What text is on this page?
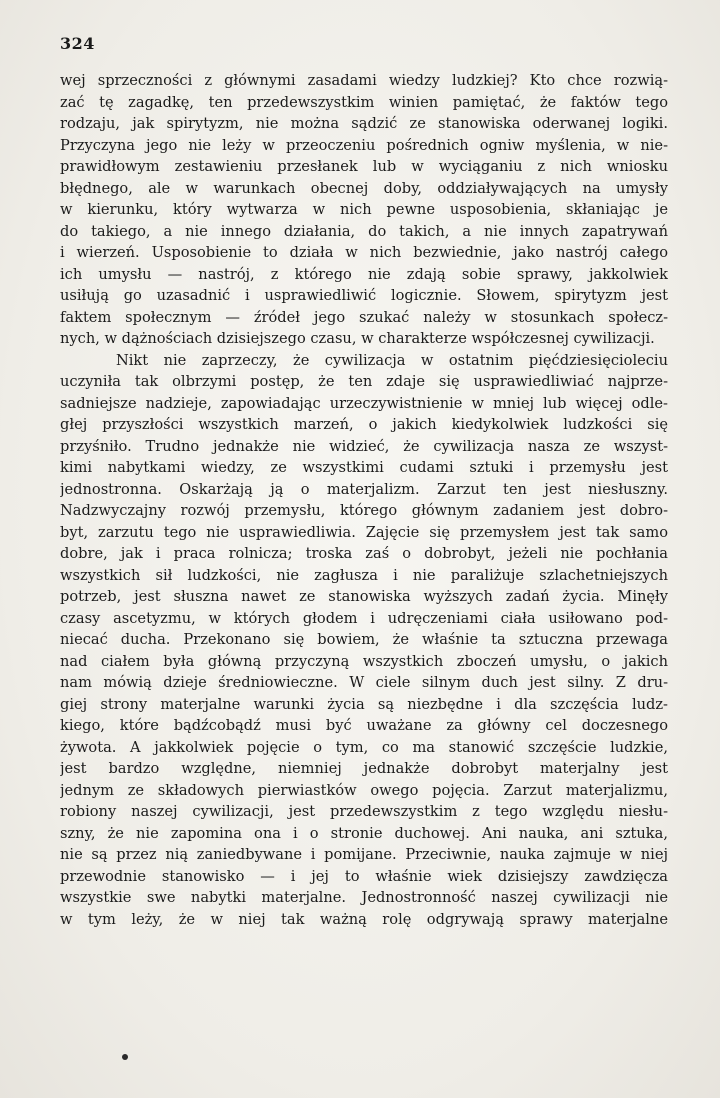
324
wej sprzeczności z głównymi zasadami wiedzy ludzkiej? Kto chce rozwią-
zać tę zagadkę, ten przedewszystkim winien pamiętać, że faktów tego
rodzaju, jak spirytyzm, nie można sądzić ze stanowiska oderwanej logiki.
Przyczyna jego nie leży w przeoczeniu pośrednich ogniw myślenia, w nie-
prawidłowym zestawieniu przesłanek lub w wyciąganiu z nich wniosku
błędnego, ale w warunkach obecnej doby, oddziaływających na umysły
w kierunku, który wytwarza w nich pewne usposobienia, skłaniając je
do takiego, a nie innego działania, do takich, a nie innych zapatrywań
i wierzeń. Usposobienie to działa w nich bezwiednie, jako nastrój całego
ich umysłu — nastrój, z którego nie zdają sobie sprawy, jakkolwiek
usiłują go uzasadnić i usprawiedliwić logicznie. Słowem, spirytyzm jest
faktem społecznym — źródeł jego szukać należy w stosunkach społecz-
nych, w dążnościach dzisiejszego czasu, w charakterze współczesnej cywilizacji.
Nikt nie zaprzeczy, że cywilizacja w ostatnim pięćdziesięcioleciu
uczyniła tak olbrzymi postęp, że ten zdaje się usprawiedliwiać najprze-
sadniejsze nadzieje, zapowiadając urzeczywistnienie w mniej lub więcej odle-
głej przyszłości wszystkich marzeń, o jakich kiedykolwiek ludzkości się
przyśniło. Trudno jednakże nie widzieć, że cywilizacja nasza ze wszyst-
kimi nabytkami wiedzy, ze wszystkimi cudami sztuki i przemysłu jest
jednostronna. Oskarżają ją o materjalizm. Zarzut ten jest niesłuszny.
Nadzwyczajny rozwój przemysłu, którego głównym zadaniem jest dobro-
byt, zarzutu tego nie usprawiedliwia. Zajęcie się przemysłem jest tak samo
dobre, jak i praca rolnicza; troska zaś o dobrobyt, jeżeli nie pochłania
wszystkich sił ludzkości, nie zagłusza i nie paraliżuje szlachetniejszych
potrzeb, jest słuszna nawet ze stanowiska wyższych zadań życia. Minęły
czasy ascetyzmu, w których głodem i udręczeniami ciała usiłowano pod-
niecać ducha. Przekonano się bowiem, że właśnie ta sztuczna przewaga
nad ciałem była główną przyczyną wszystkich zboczeń umysłu, o jakich
nam mówią dzieje średniowieczne. W ciele silnym duch jest silny. Z dru-
giej strony materjalne warunki życia są niezbędne i dla szczęścia ludz-
kiego, które bądźcobądź musi być uważane za główny cel doczesnego
żywota. A jakkolwiek pojęcie o tym, co ma stanowić szczęście ludzkie,
jest bardzo względne, niemniej jednakże dobrobyt materjalny jest
jednym ze składowych pierwiastków owego pojęcia. Zarzut materjalizmu,
robiony naszej cywilizacji, jest przedewszystkim z tego względu niesłu-
szny, że nie zapomina ona i o stronie duchowej. Ani nauka, ani sztuka,
nie są przez nią zaniedbywane i pomijane. Przeciwnie, nauka zajmuje w niej
przewodnie stanowisko — i jej to właśnie wiek dzisiejszy zawdzięcza
wszystkie swe nabytki materjalne. Jednostronność naszej cywilizacji nie
w tym leży, że w niej tak ważną rolę odgrywają sprawy materjalne
